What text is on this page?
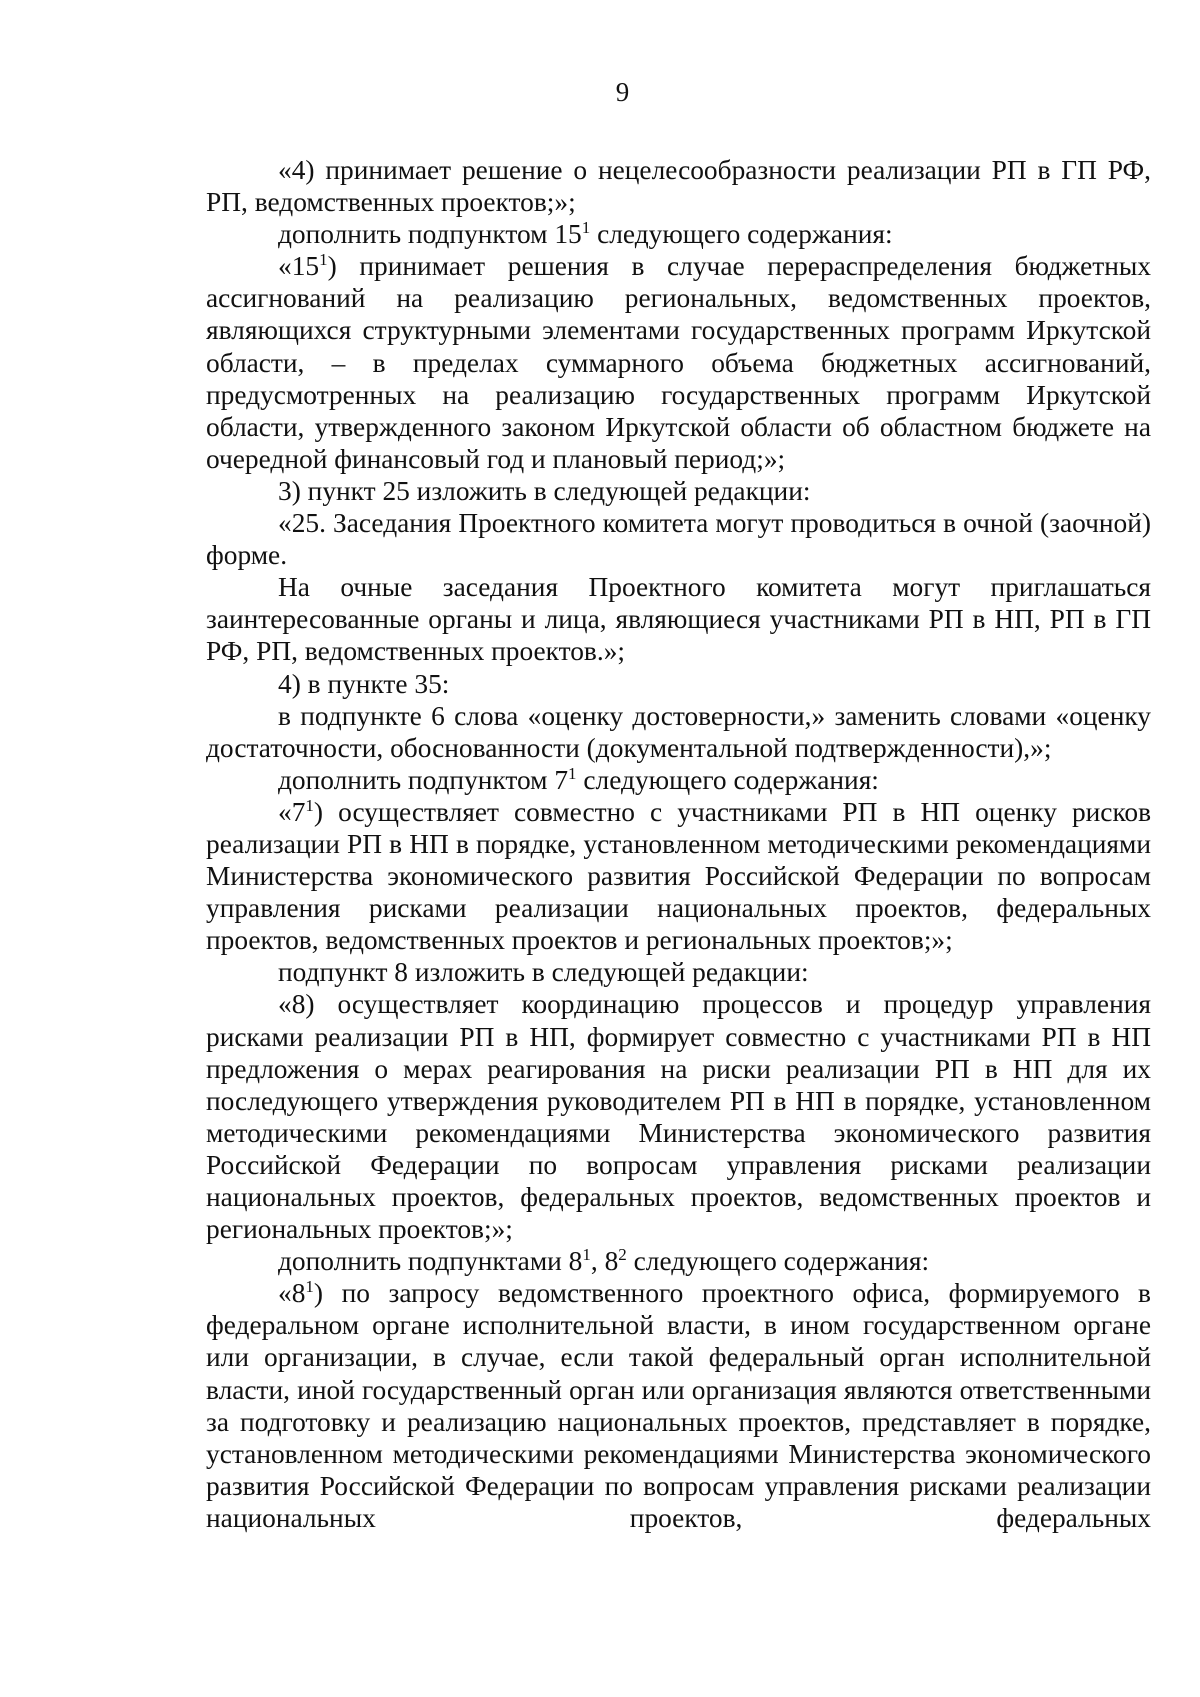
9

«4) принимает решение о нецелесообразности реализации РП в ГП РФ, РП, ведомственных проектов;»;

дополнить подпунктом $15^1$ следующего содержания:

«$15^1$) принимает решения в случае перераспределения бюджетных ассигнований на реализацию региональных, ведомственных проектов, являющихся структурными элементами государственных программ Иркутской области, – в пределах суммарного объема бюджетных ассигнований, предусмотренных на реализацию государственных программ Иркутской области, утвержденного законом Иркутской области об областном бюджете на очередной финансовый год и плановый период;»;

3) пункт 25 изложить в следующей редакции:

«25. Заседания Проектного комитета могут проводиться в очной (заочной) форме.

На очные заседания Проектного комитета могут приглашаться заинтересованные органы и лица, являющиеся участниками РП в НП, РП в ГП РФ, РП, ведомственных проектов.»;

4) в пункте 35:

в подпункте 6 слова «оценку достоверности,» заменить словами «оценку достаточности, обоснованности (документальной подтвержденности),»;

дополнить подпунктом $7^1$ следующего содержания:

«$7^1$) осуществляет совместно с участниками РП в НП оценку рисков реализации РП в НП в порядке, установленном методическими рекомендациями Министерства экономического развития Российской Федерации по вопросам управления рисками реализации национальных проектов, федеральных проектов, ведомственных проектов и региональных проектов;»;

подпункт 8 изложить в следующей редакции:

«8) осуществляет координацию процессов и процедур управления рисками реализации РП в НП, формирует совместно с участниками РП в НП предложения о мерах реагирования на риски реализации РП в НП для их последующего утверждения руководителем РП в НП в порядке, установленном методическими рекомендациями Министерства экономического развития Российской Федерации по вопросам управления рисками реализации национальных проектов, федеральных проектов, ведомственных проектов и региональных проектов;»;

дополнить подпунктами $8^1$, $8^2$ следующего содержания:

«$8^1$) по запросу ведомственного проектного офиса, формируемого в федеральном органе исполнительной власти, в ином государственном органе или организации, в случае, если такой федеральный орган исполнительной власти, иной государственный орган или организация являются ответственными за подготовку и реализацию национальных проектов, представляет в порядке, установленном методическими рекомендациями Министерства экономического развития Российской Федерации по вопросам управления рисками реализации национальных проектов, федеральных
